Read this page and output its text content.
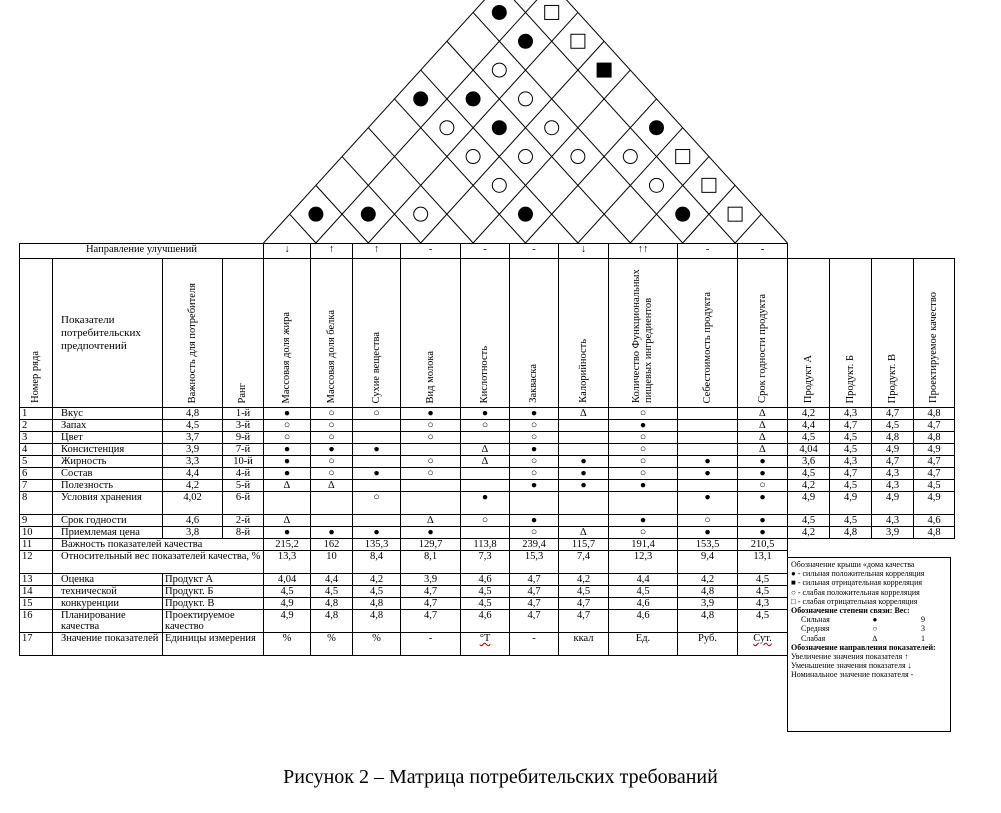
Направление улучшений				↓	↑	↑	-	-	-	↓	↑↑	-	-				

Номер ряда	Показатели потребительских предпочтений	Важность для потребителя	Ранг	Массовая доля жира	Массовая доля белка	Сухие вещества	Вид молока	Кислотность	Закваска	Калорийность	Количество Функциональных пищевых ингредиентов	Себестоимость продукта	Срок годности продукта	Продукт А	Продукт. Б	Продукт. В	Проектируемое качество

1	Вкус	4,8	1-й	●	○	○	●	●	●	∆	○		∆	4,2	4,3	4,7	4,8
2	Запах	4,5	3-й	○	○		○	○	○		●		∆	4,4	4,7	4,5	4,7
3	Цвет	3,7	9-й	○	○		○		○		○		∆	4,5	4,5	4,8	4,8
4	Консистенция	3,9	7-й	●	●	●		∆	●		○		∆	4,04	4,5	4,9	4,9
5	Жирность	3,3	10-й	●	○		○	∆	○	●	○	●	●	3,6	4,3	4,7	4,7
6	Состав	4,4	4-й	●	○	●	○		○	●	○	●	●	4,5	4,7	4,3	4,7
7	Полезность	4,2	5-й	∆	∆				●	●	●		○	4,2	4,5	4,3	4,5
8	Условия хранения	4,02	6-й			○		●				●	●	4,9	4,9	4,9	4,9
9	Срок годности	4,6	2-й	∆			∆	○	●		●	○	●	4,5	4,5	4,3	4,6
10	Приемлемая цена	3,8	8-й	●	●	●	●		○	∆	○	●	●	4,2	4,8	3,9	4,8
11	Важность показателей качества			215,2	162	135,3	129,7	113,8	239,4	115,7	191,4	153,5	210,5				
12	Относительный вес показателей качества, %			13,3	10	8,4	8,1	7,3	15,3	7,4	12,3	9,4	13,1				
13	Оценка	Продукт А		4,04	4,4	4,2	3,9	4,6	4,7	4,2	4,4	4,2	4,5				
14	технической	Продукт. Б		4,5	4,5	4,5	4,7	4,5	4,7	4,5	4,5	4,8	4,5				
15	конкуренции	Продукт. В		4,9	4,8	4,8	4,7	4,5	4,7	4,7	4,6	3,9	4,3				
16	Планирование качества	Проектируемое качество		4,9	4,8	4,8	4,7	4,6	4,7	4,7	4,6	4,8	4,5				
17	Значение показателей	Единицы измерения		%	%	%	-	°Т	-	ккал	Ед.	Руб.	Сут.				
Обозначение крыши «дома качества
● - сильная положительная корреляция
■ - сильная отрицательная корреляция
○ - слабая положительная корреляция
□ - слабая отрицательная корреляция
Обозначение степени связи: Вес:
Сильная	●	9
Средняя	○	3
Слабая	∆	1
Обозначение направления показателей:
Увеличение значения показателя ↑
Уменьшение значения показателя ↓
Номинальное значение показателя -
Рисунок 2 – Матрица потребительских требований
